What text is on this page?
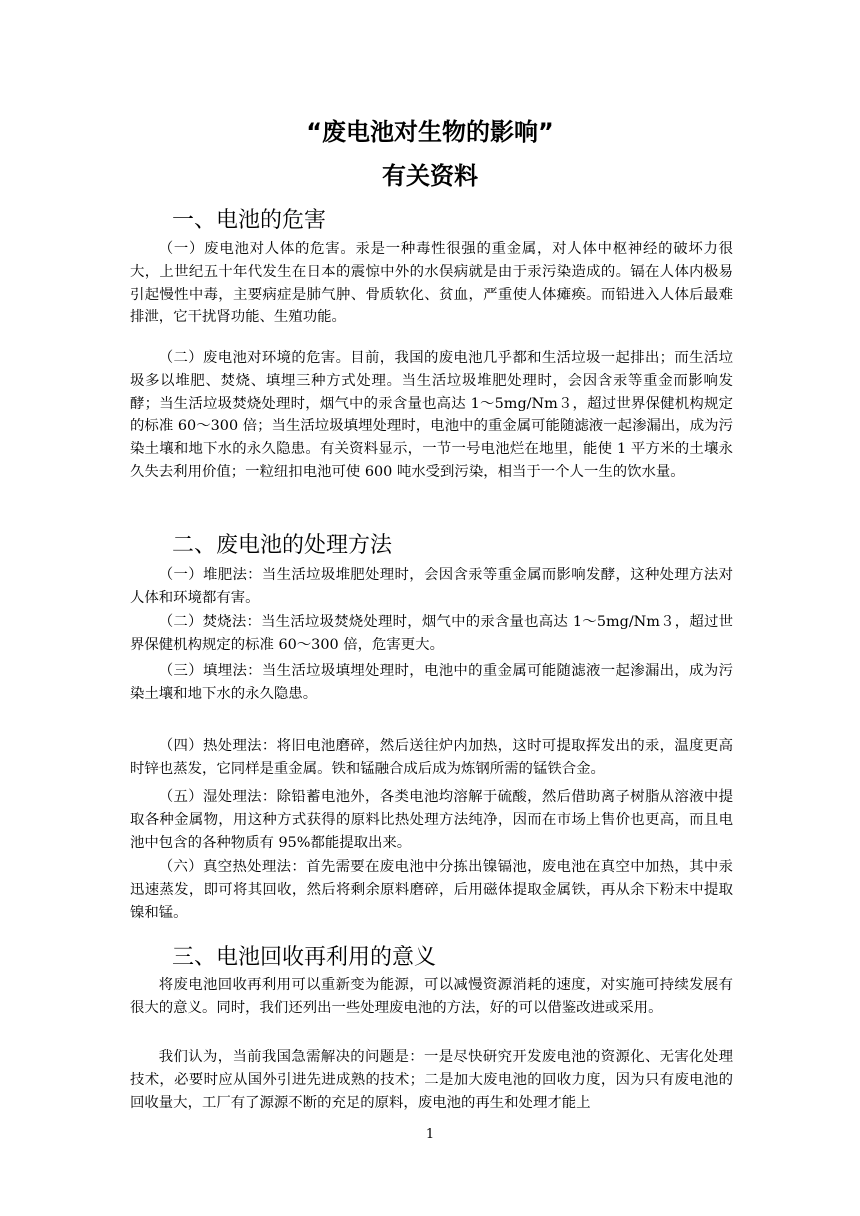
“废电池对生物的影响”
有关资料
一、电池的危害

（一）废电池对人体的危害。汞是一种毒性很强的重金属，对人体中枢神经的破坏力很大，上世纪五十年代发生在日本的震惊中外的水俣病就是由于汞污染造成的。镉在人体内极易引起慢性中毒，主要病症是肺气肿、骨质软化、贫血，严重使人体瘫痪。而铅进入人体后最难排泄，它干扰肾功能、生殖功能。

（二）废电池对环境的危害。目前，我国的废电池几乎都和生活垃圾一起排出；而生活垃圾多以堆肥、焚烧、填埋三种方式处理。当生活垃圾堆肥处理时，会因含汞等重金而影响发酵；当生活垃圾焚烧处理时，烟气中的汞含量也高达 1～5mg/Nm３，超过世界保健机构规定的标准 60～300 倍；当生活垃圾填埋处理时，电池中的重金属可能随滤液一起渗漏出，成为污染土壤和地下水的永久隐患。有关资料显示，一节一号电池烂在地里，能使 1 平方米的土壤永久失去利用价值；一粒纽扣电池可使 600 吨水受到污染，相当于一个人一生的饮水量。

二、废电池的处理方法

（一）堆肥法：当生活垃圾堆肥处理时，会因含汞等重金属而影响发酵，这种处理方法对人体和环境都有害。

（二）焚烧法：当生活垃圾焚烧处理时，烟气中的汞含量也高达 1～5mg/Nm３，超过世界保健机构规定的标准 60～300 倍，危害更大。

（三）填埋法：当生活垃圾填埋处理时，电池中的重金属可能随滤液一起渗漏出，成为污染土壤和地下水的永久隐患。

（四）热处理法：将旧电池磨碎，然后送往炉内加热，这时可提取挥发出的汞，温度更高时锌也蒸发，它同样是重金属。铁和锰融合成后成为炼钢所需的锰铁合金。

（五）湿处理法：除铅蓄电池外，各类电池均溶解于硫酸，然后借助离子树脂从溶液中提取各种金属物，用这种方式获得的原料比热处理方法纯净，因而在市场上售价也更高，而且电池中包含的各种物质有 95%都能提取出来。

（六）真空热处理法：首先需要在废电池中分拣出镍镉池，废电池在真空中加热，其中汞迅速蒸发，即可将其回收，然后将剩余原料磨碎，后用磁体提取金属铁，再从余下粉末中提取镍和锰。

三、电池回收再利用的意义

将废电池回收再利用可以重新变为能源，可以减慢资源消耗的速度，对实施可持续发展有很大的意义。同时，我们还列出一些处理废电池的方法，好的可以借鉴改进或采用。

我们认为，当前我国急需解决的问题是：一是尽快研究开发废电池的资源化、无害化处理技术，必要时应从国外引进先进成熟的技术；二是加大废电池的回收力度，因为只有废电池的回收量大，工厂有了源源不断的充足的原料，废电池的再生和处理才能上

1
